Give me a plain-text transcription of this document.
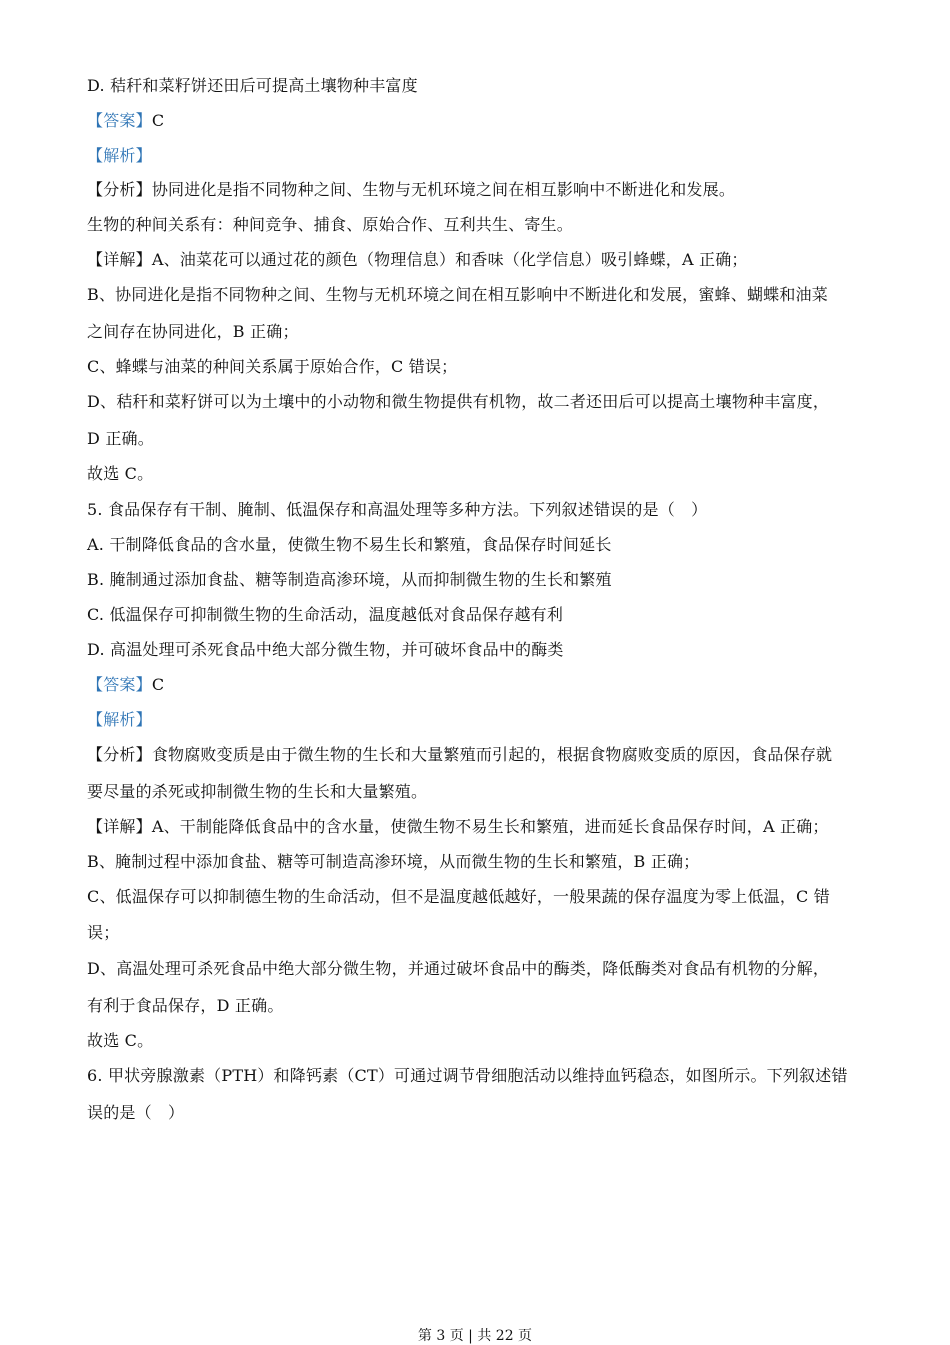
D. 秸秆和菜籽饼还田后可提高土壤物种丰富度
【答案】C
【解析】
【分析】协同进化是指不同物种之间、生物与无机环境之间在相互影响中不断进化和发展。
生物的种间关系有：种间竞争、捕食、原始合作、互利共生、寄生。
【详解】A、油菜花可以通过花的颜色（物理信息）和香味（化学信息）吸引蜂蝶，A 正确；
B、协同进化是指不同物种之间、生物与无机环境之间在相互影响中不断进化和发展，蜜蜂、蝴蝶和油菜
之间存在协同进化，B 正确；
C、蜂蝶与油菜的种间关系属于原始合作，C 错误；
D、秸秆和菜籽饼可以为土壤中的小动物和微生物提供有机物，故二者还田后可以提高土壤物种丰富度，
D 正确。
故选 C。
5. 食品保存有干制、腌制、低温保存和高温处理等多种方法。下列叙述错误的是（　）
A. 干制降低食品的含水量，使微生物不易生长和繁殖，食品保存时间延长
B. 腌制通过添加食盐、糖等制造高渗环境，从而抑制微生物的生长和繁殖
C. 低温保存可抑制微生物的生命活动，温度越低对食品保存越有利
D. 高温处理可杀死食品中绝大部分微生物，并可破坏食品中的酶类
【答案】C
【解析】
【分析】食物腐败变质是由于微生物的生长和大量繁殖而引起的，根据食物腐败变质的原因，食品保存就
要尽量的杀死或抑制微生物的生长和大量繁殖。
【详解】A、干制能降低食品中的含水量，使微生物不易生长和繁殖，进而延长食品保存时间，A 正确；
B、腌制过程中添加食盐、糖等可制造高渗环境，从而微生物的生长和繁殖，B 正确；
C、低温保存可以抑制德生物的生命活动，但不是温度越低越好，一般果蔬的保存温度为零上低温，C 错
误；
D、高温处理可杀死食品中绝大部分微生物，并通过破坏食品中的酶类，降低酶类对食品有机物的分解，
有利于食品保存，D 正确。
故选 C。
6. 甲状旁腺激素（PTH）和降钙素（CT）可通过调节骨细胞活动以维持血钙稳态，如图所示。下列叙述错
误的是（　）
第 3 页 | 共 22 页
